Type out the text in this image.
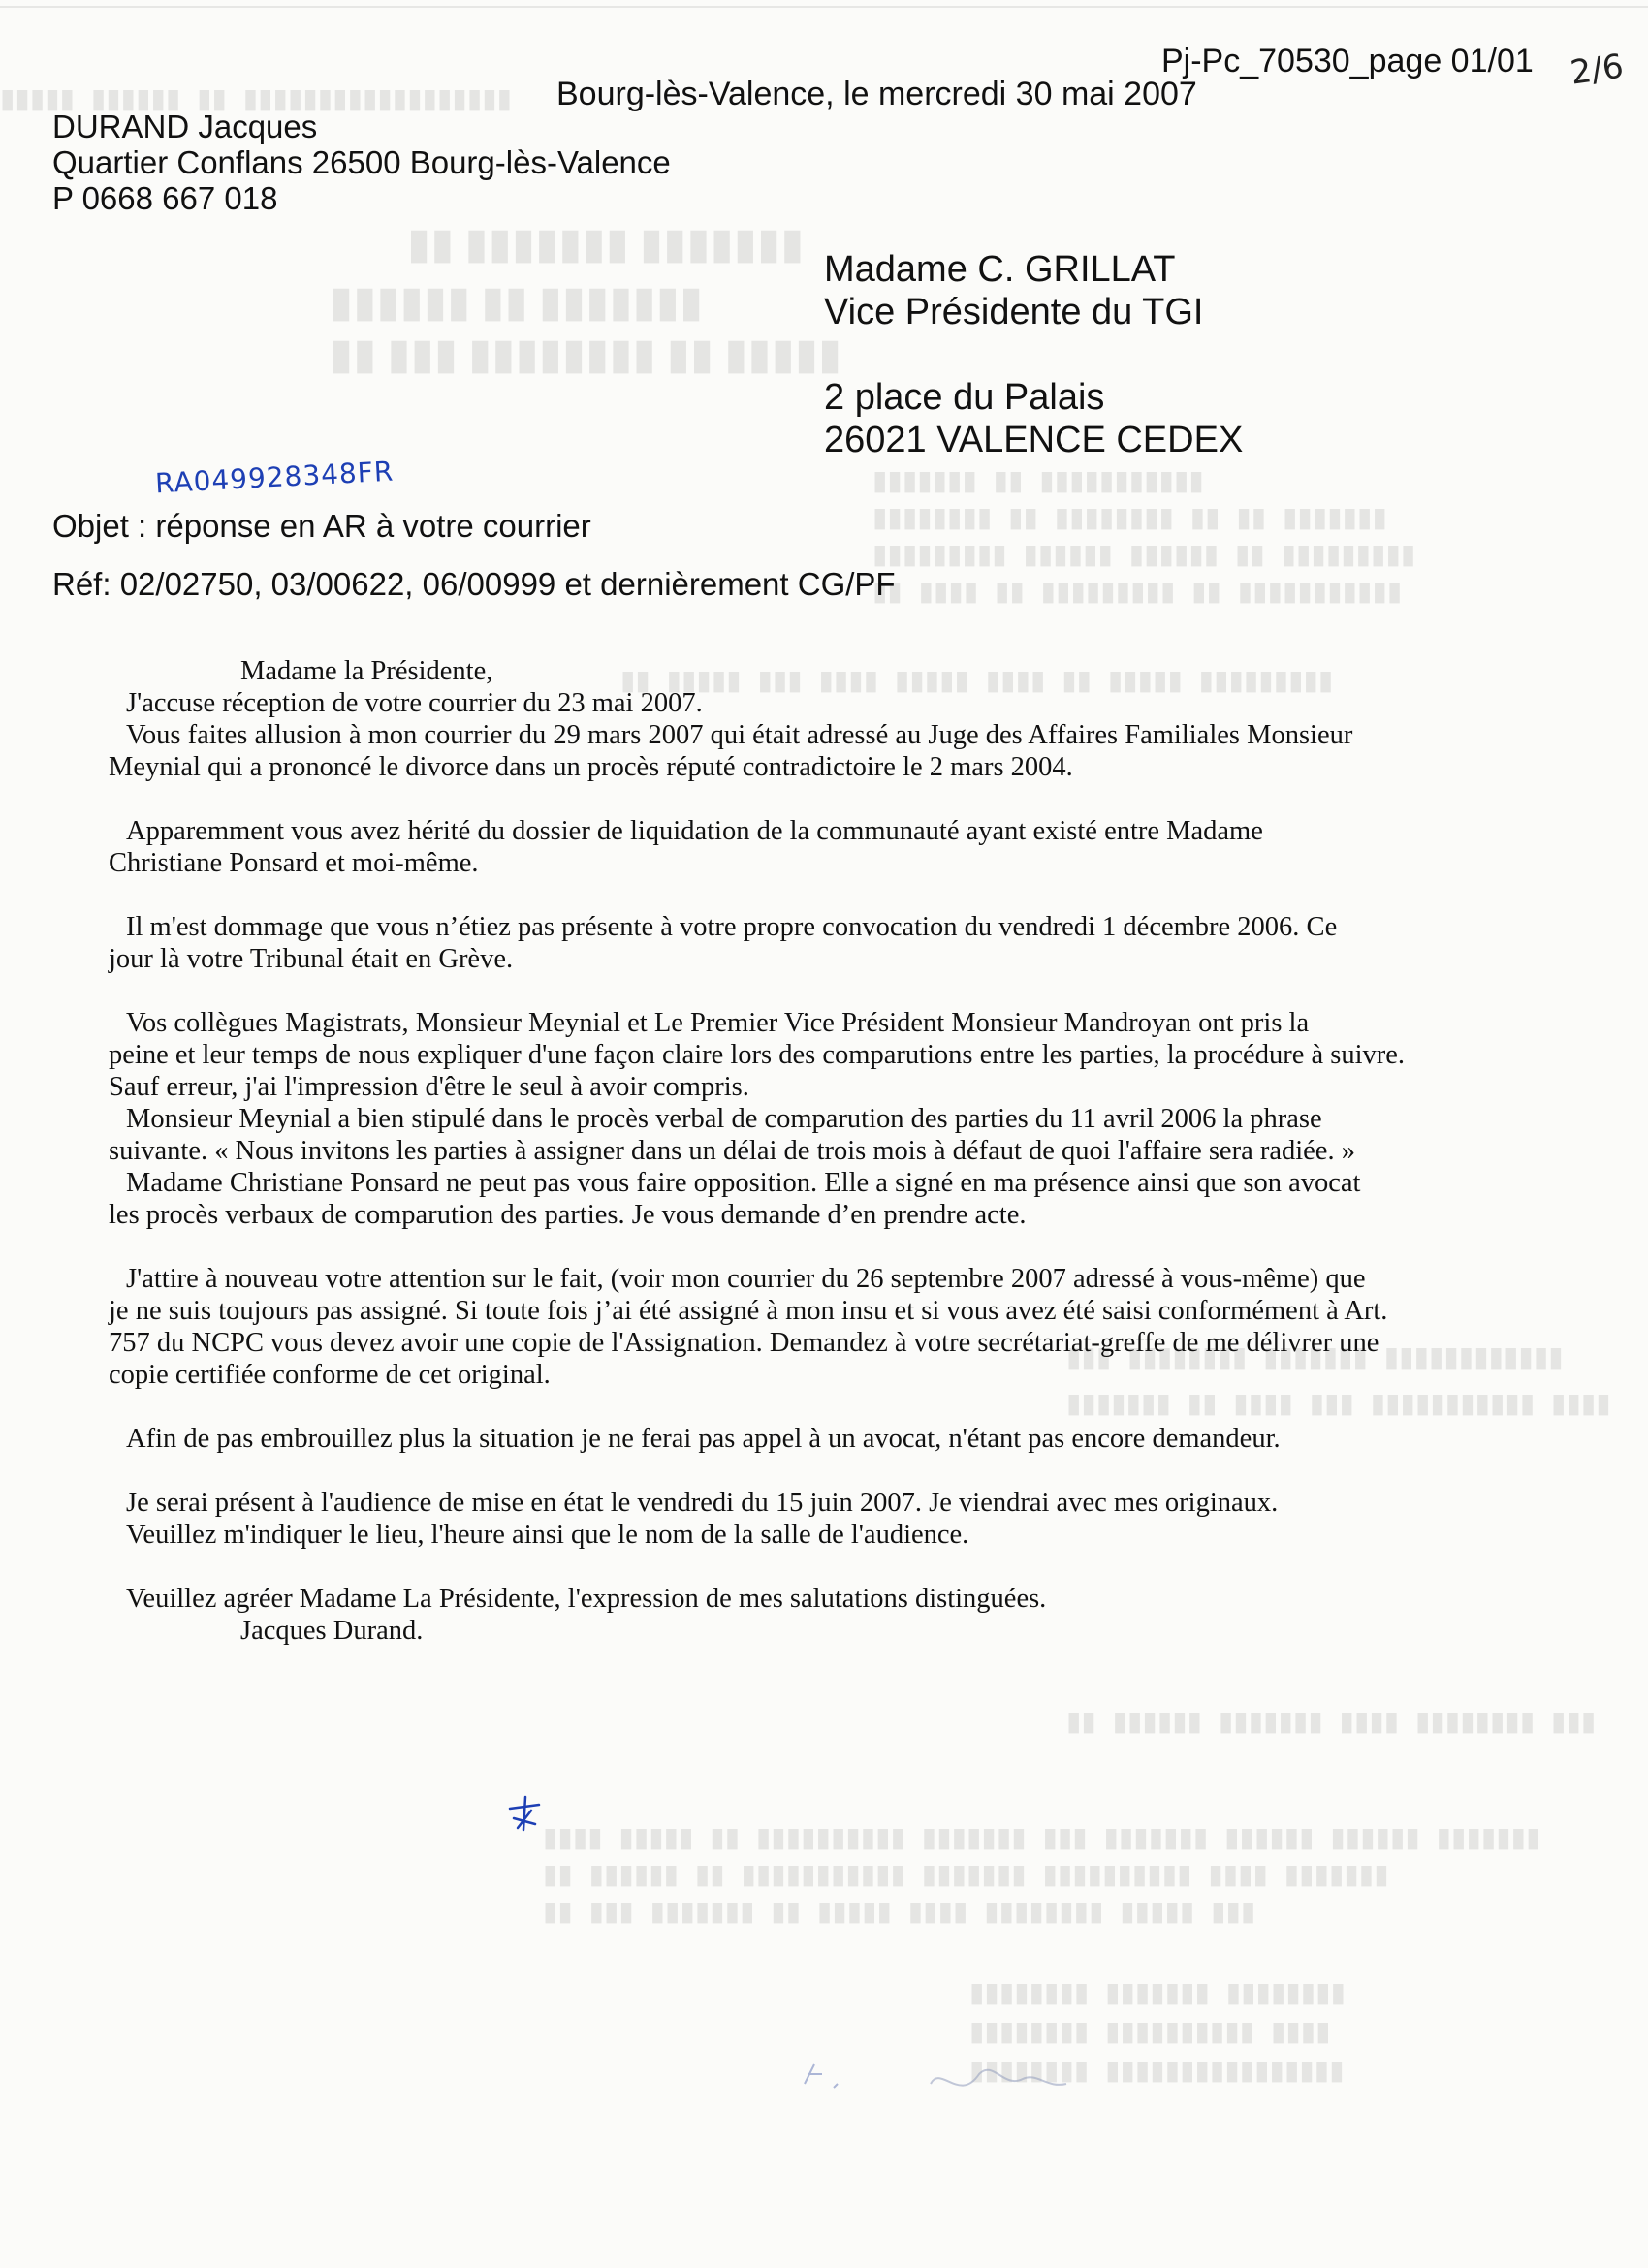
▮▮▮▮▮ ▮▮▮▮▮▮ ▮▮ ▮▮▮▮▮▮▮▮▮▮▮▮▮▮▮▮▮▮
▮▮ ▮▮▮▮▮▮▮ ▮▮▮▮▮▮▮
▮▮▮▮▮▮ ▮▮ ▮▮▮▮▮▮▮
▮▮ ▮▮▮ ▮▮▮▮▮▮▮▮ ▮▮ ▮▮▮▮▮
▮▮▮▮▮▮▮ ▮▮ ▮▮▮▮▮▮▮▮▮▮▮
▮▮▮▮▮▮▮▮ ▮▮ ▮▮▮▮▮▮▮▮ ▮▮ ▮▮ ▮▮▮▮▮▮▮
▮▮▮▮▮▮▮▮▮ ▮▮▮▮▮▮ ▮▮▮▮▮▮ ▮▮ ▮▮▮▮▮▮▮▮▮
▮▮ ▮▮▮▮ ▮▮ ▮▮▮▮▮▮▮▮▮ ▮▮ ▮▮▮▮▮▮▮▮▮▮▮
▮▮ ▮▮▮▮▮ ▮▮▮ ▮▮▮▮ ▮▮▮▮▮ ▮▮▮▮ ▮▮ ▮▮▮▮▮ ▮▮▮▮▮▮▮▮▮
▮▮▮ ▮▮▮▮▮▮▮▮ ▮▮▮▮▮▮▮ ▮▮▮▮▮▮▮▮▮▮▮▮
▮▮▮▮▮▮▮ ▮▮ ▮▮▮▮ ▮▮▮ ▮▮▮▮▮▮▮▮▮▮▮ ▮▮▮▮
▮▮ ▮▮▮▮▮▮ ▮▮▮▮▮▮▮ ▮▮▮▮ ▮▮▮▮▮▮▮▮ ▮▮▮
▮▮▮▮ ▮▮▮▮▮ ▮▮ ▮▮▮▮▮▮▮▮▮▮ ▮▮▮▮▮▮▮ ▮▮▮ ▮▮▮▮▮▮▮ ▮▮▮▮▮▮ ▮▮▮▮▮▮ ▮▮▮▮▮▮▮
▮▮ ▮▮▮▮▮▮ ▮▮ ▮▮▮▮▮▮▮▮▮▮▮ ▮▮▮▮▮▮▮ ▮▮▮▮▮▮▮▮▮▮ ▮▮▮▮ ▮▮▮▮▮▮▮
▮▮ ▮▮▮ ▮▮▮▮▮▮▮ ▮▮ ▮▮▮▮▮ ▮▮▮▮ ▮▮▮▮▮▮▮▮ ▮▮▮▮▮ ▮▮▮
▮▮▮▮▮▮▮▮ ▮▮▮▮▮▮▮ ▮▮▮▮▮▮▮▮
▮▮▮▮▮▮▮▮ ▮▮▮▮▮▮▮▮▮▮ ▮▮▮▮
▮▮▮▮▮▮▮▮ ▮▮▮▮▮▮▮▮▮▮▮▮▮▮▮▮
Pj-Pc_70530_page 01/01 2/6
Bourg-lès-Valence, le mercredi 30 mai 2007
DURAND Jacques
Quartier Conflans 26500 Bourg-lès-Valence
P 0668 667 018
Madame C. GRILLAT
Vice Présidente du TGI
2 place du Palais
26021 VALENCE CEDEX
RA049928348FR
Objet : réponse en AR à votre courrier
Réf: 02/02750, 03/00622, 06/00999 et dernièrement CG/PF

Madame la Présidente,

J'accuse réception de votre courrier du 23 mai 2007.

Vous faites allusion à mon courrier du 29 mars 2007 qui était adressé au Juge des Affaires Familiales Monsieur

Meynial qui a prononcé le divorce dans un procès réputé contradictoire le 2 mars 2004.

Apparemment vous avez hérité du dossier de liquidation de la communauté ayant existé entre Madame

Christiane Ponsard et moi-même.

Il m'est dommage que vous n’étiez pas présente à votre propre convocation du vendredi 1 décembre 2006. Ce

jour là votre Tribunal était en Grève.

Vos collègues Magistrats, Monsieur Meynial et Le Premier Vice Président Monsieur Mandroyan ont pris la

peine et leur temps de nous expliquer d'une façon claire lors des comparutions entre les parties, la procédure à suivre.

Sauf erreur, j'ai l'impression d'être le seul à avoir compris.

Monsieur Meynial a bien stipulé dans le procès verbal de comparution des parties du 11 avril 2006 la phrase

suivante. « Nous invitons les parties à assigner dans un délai de trois mois à défaut de quoi l'affaire sera radiée. »

Madame Christiane Ponsard ne peut pas vous faire opposition. Elle a signé en ma présence ainsi que son avocat

les procès verbaux de comparution des parties. Je vous demande d’en prendre acte.

J'attire à nouveau votre attention sur le fait, (voir mon courrier du 26 septembre 2007 adressé à vous-même) que

je ne suis toujours pas assigné. Si toute fois j’ai été assigné à mon insu et si vous avez été saisi conformément à Art.

757 du NCPC vous devez avoir une copie de l'Assignation. Demandez à votre secrétariat-greffe de me délivrer une

copie certifiée conforme de cet original.

Afin de pas embrouillez plus la situation je ne ferai pas appel à un avocat, n'étant pas encore demandeur.

Je serai présent à l'audience de mise en état le vendredi du 15 juin 2007. Je viendrai avec mes originaux.

Veuillez m'indiquer le lieu, l'heure ainsi que le nom de la salle de l'audience.

Veuillez agréer Madame La Présidente, l'expression de mes salutations distinguées.

Jacques Durand.
